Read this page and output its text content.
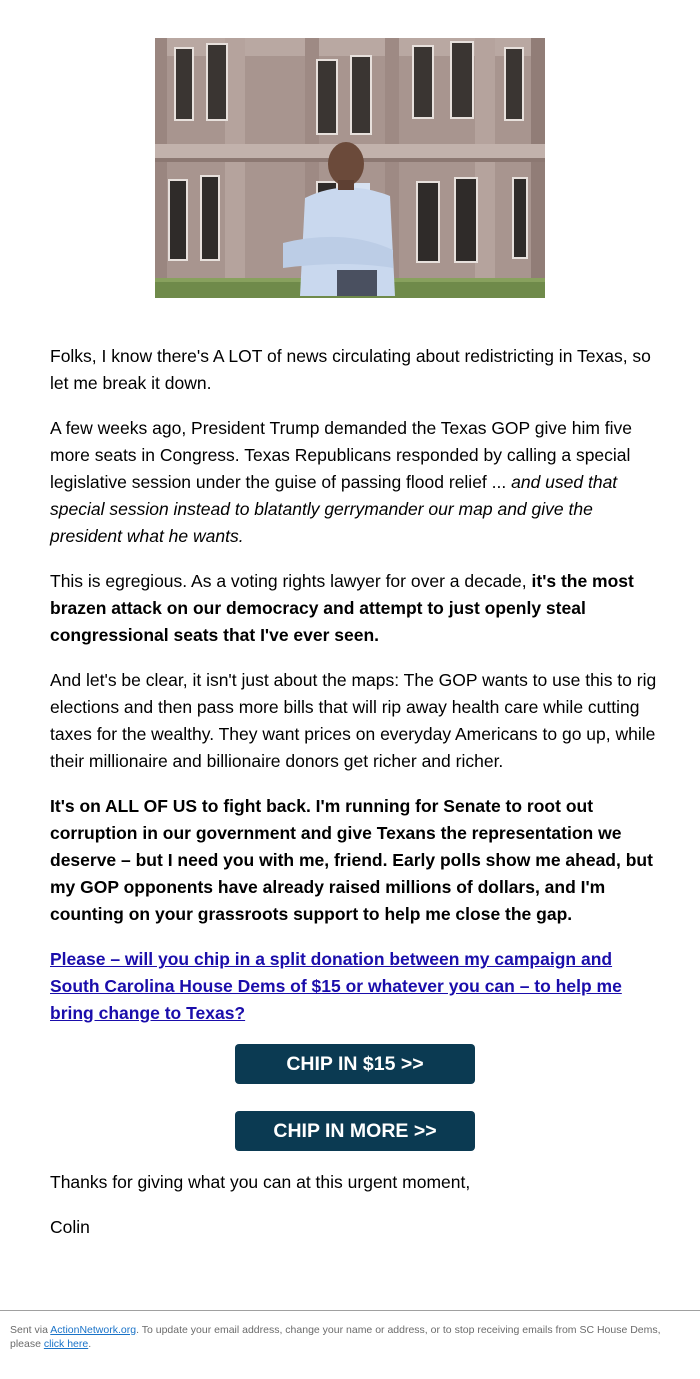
Folks, I know there's A LOT of news circulating about redistricting in Texas, so let me break it down.

A few weeks ago, President Trump demanded the Texas GOP give him five more seats in Congress. Texas Republicans responded by calling a special legislative session under the guise of passing flood relief ... and used that special session instead to blatantly gerrymander our map and give the president what he wants.

This is egregious. As a voting rights lawyer for over a decade, it's the most brazen attack on our democracy and attempt to just openly steal congressional seats that I've ever seen.

And let's be clear, it isn't just about the maps: The GOP wants to use this to rig elections and then pass more bills that will rip away health care while cutting taxes for the wealthy. They want prices on everyday Americans to go up, while their millionaire and billionaire donors get richer and richer.

It's on ALL OF US to fight back. I'm running for Senate to root out corruption in our government and give Texans the representation we deserve – but I need you with me, friend. Early polls show me ahead, but my GOP opponents have already raised millions of dollars, and I'm counting on your grassroots support to help me close the gap.

Please – will you chip in a split donation between my campaign and South Carolina House Dems of $15 or whatever you can – to help me bring change to Texas?

CHIP IN $15 >>
CHIP IN MORE >>

Thanks for giving what you can at this urgent moment,

Colin

Sent via ActionNetwork.org. To update your email address, change your name or address, or to stop receiving emails from SC House Dems, please click here.
